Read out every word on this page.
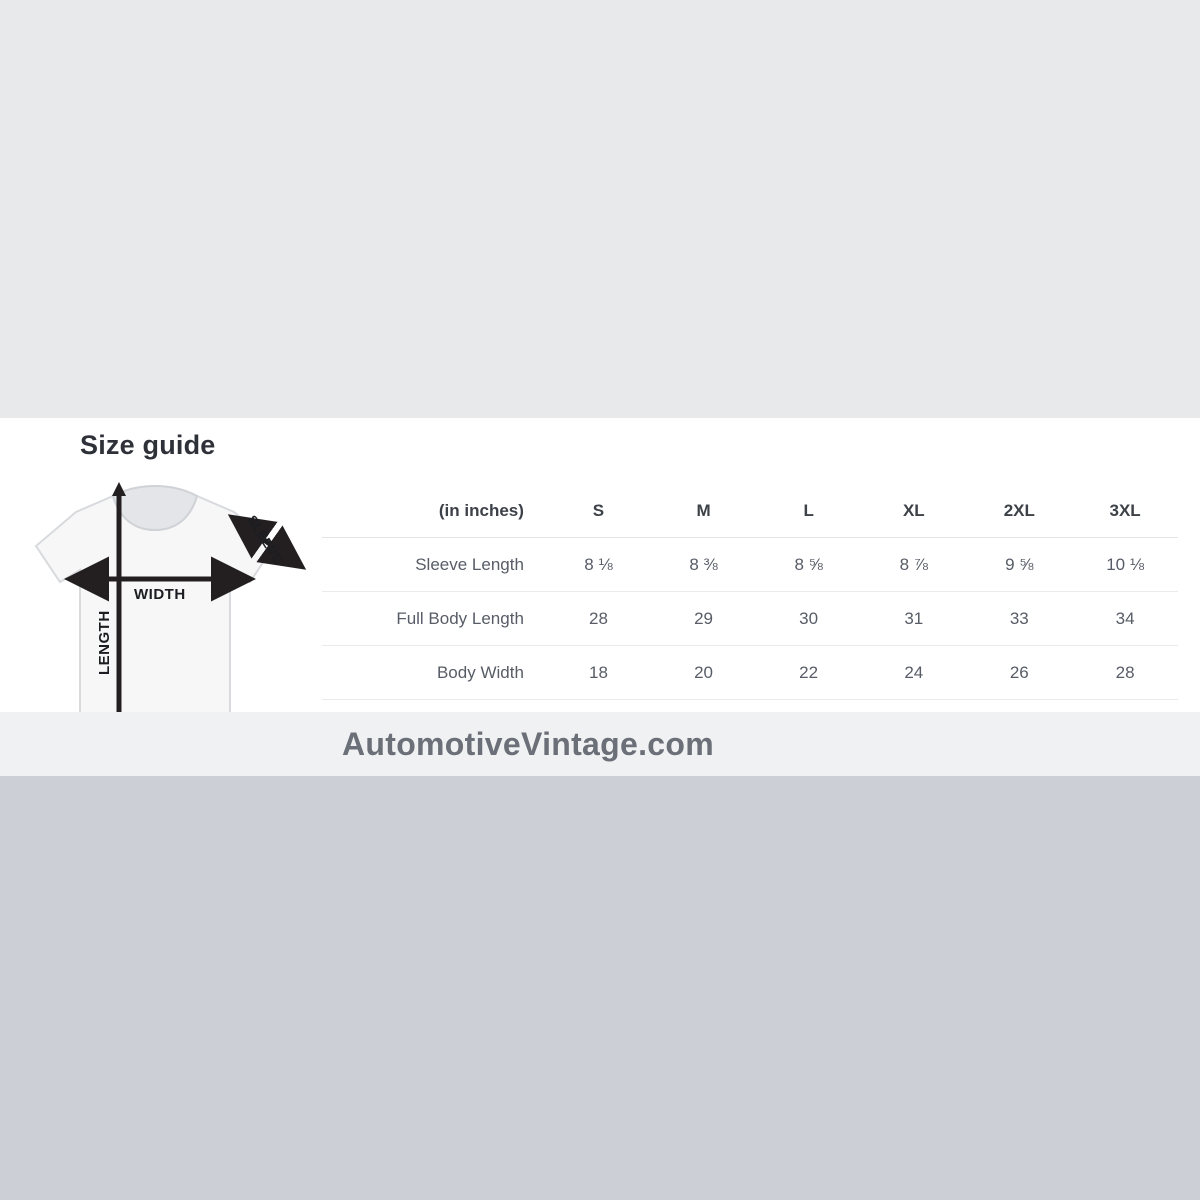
Size guide
WIDTH
LENGTH
SLEEVE
(in inches)	S	M	L	XL	2XL	3XL
Sleeve Length	8 ⅛	8 ⅜	8 ⅝	8 ⅞	9 ⅝	10 ⅛
Full Body Length	28	29	30	31	33	34
Body Width	18	20	22	24	26	28
AutomotiveVintage.com
